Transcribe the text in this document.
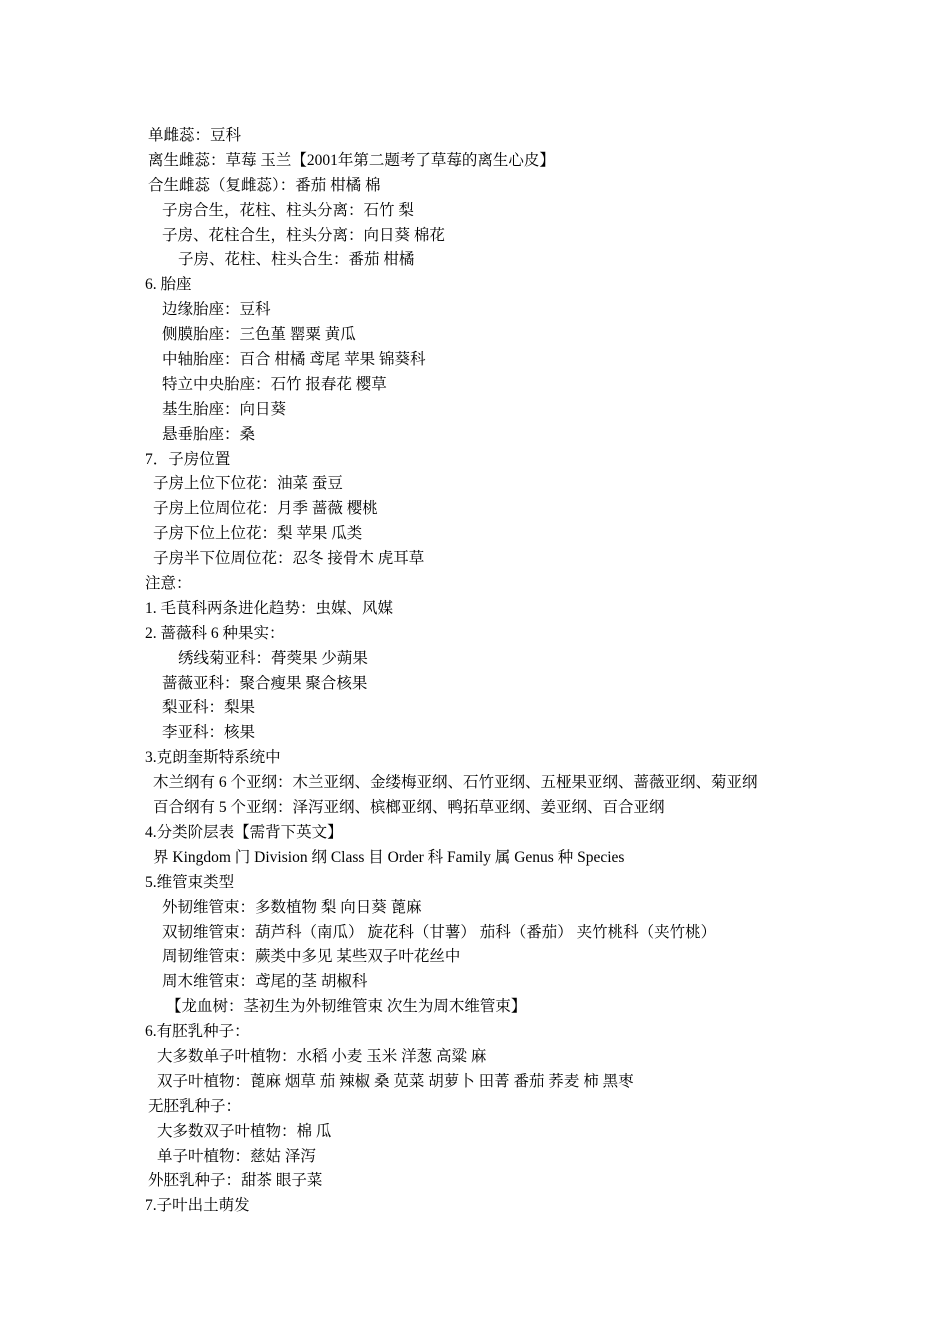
单雌蕊：豆科
离生雌蕊：草莓 玉兰【2001年第二题考了草莓的离生心皮】
合生雌蕊（复雌蕊）：番茄 柑橘 棉
子房合生，花柱、柱头分离：石竹 梨
子房、花柱合生，柱头分离：向日葵 棉花
子房、花柱、柱头合生：番茄 柑橘
6. 胎座
边缘胎座：豆科
侧膜胎座：三色堇 罂粟 黄瓜
中轴胎座：百合 柑橘 鸢尾 苹果 锦葵科
特立中央胎座：石竹 报春花 樱草
基生胎座：向日葵
悬垂胎座：桑
7．子房位置
子房上位下位花：油菜 蚕豆
子房上位周位花：月季 蔷薇 樱桃
子房下位上位花：梨 苹果 瓜类
子房半下位周位花：忍冬 接骨木 虎耳草
注意：
1. 毛茛科两条进化趋势：虫媒、风媒
2. 蔷薇科 6 种果实：
绣线菊亚科：蓇葖果 少蒴果
蔷薇亚科：聚合瘦果 聚合核果
梨亚科：梨果
李亚科：核果
3.克朗奎斯特系统中
木兰纲有 6 个亚纲：木兰亚纲、金缕梅亚纲、石竹亚纲、五桠果亚纲、蔷薇亚纲、菊亚纲
百合纲有 5 个亚纲：泽泻亚纲、槟榔亚纲、鸭拓草亚纲、姜亚纲、百合亚纲
4.分类阶层表【需背下英文】
界 Kingdom 门 Division 纲 Class 目 Order 科 Family 属 Genus 种 Species
5.维管束类型
外韧维管束：多数植物 梨 向日葵 蓖麻
双韧维管束：葫芦科（南瓜） 旋花科（甘薯） 茄科（番茄） 夹竹桃科（夹竹桃）
周韧维管束：蕨类中多见 某些双子叶花丝中
周木维管束：鸢尾的茎 胡椒科
【龙血树：茎初生为外韧维管束 次生为周木维管束】
6.有胚乳种子：
大多数单子叶植物：水稻 小麦 玉米 洋葱 高粱 麻
双子叶植物：蓖麻 烟草 茄 辣椒 桑 苋菜 胡萝卜 田菁 番茄 荞麦 柿 黑枣
无胚乳种子：
大多数双子叶植物：棉 瓜
单子叶植物：慈姑 泽泻
外胚乳种子：甜茶 眼子菜
7.子叶出土萌发
